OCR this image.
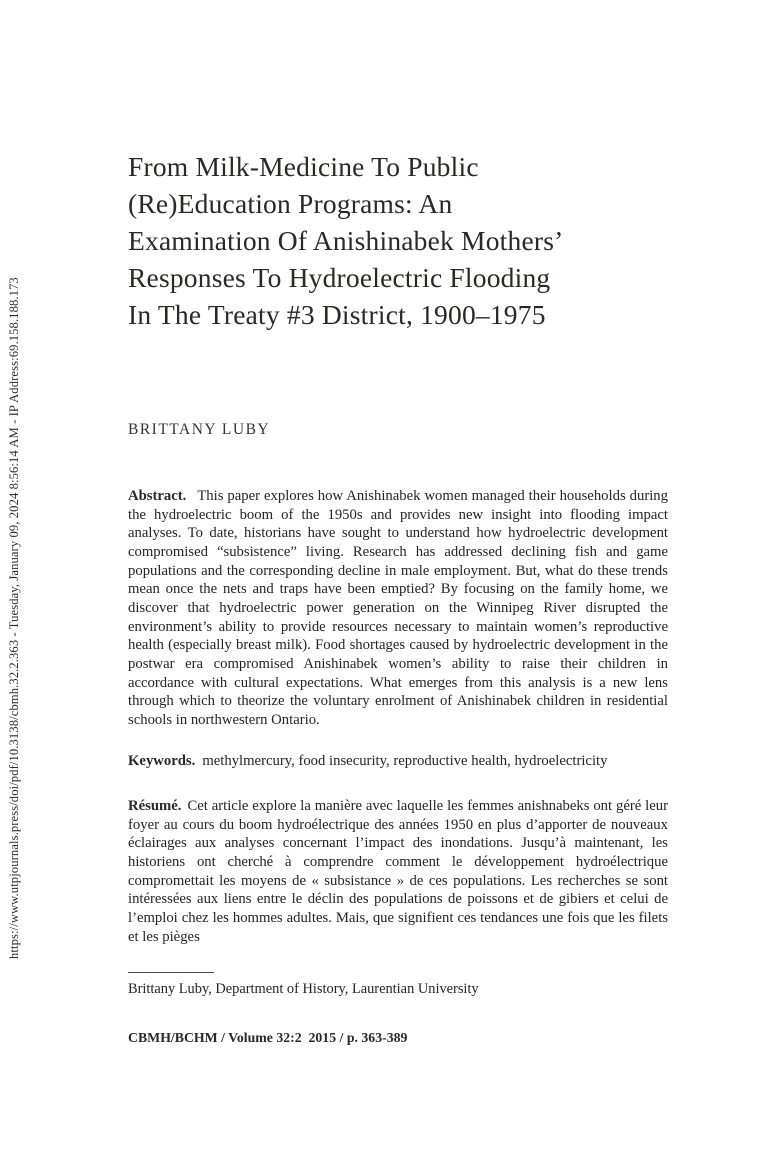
https://www.utpjournals.press/doi/pdf/10.3138/cbmh.32.2.363 - Tuesday, January 09, 2024 8:56:14 AM - IP Address:69.158.188.173
From Milk-Medicine To Public
(Re)Education Programs: An
Examination Of Anishinabek Mothers’
Responses To Hydroelectric Flooding
In The Treaty #3 District, 1900–1975
BRITTANY LUBY

Abstract. This paper explores how Anishinabek women managed their households during the hydroelectric boom of the 1950s and provides new insight into flooding impact analyses. To date, historians have sought to understand how hydroelectric development compromised “subsistence” living. Research has addressed declining fish and game populations and the corresponding decline in male employment. But, what do these trends mean once the nets and traps have been emptied? By focusing on the family home, we discover that hydroelectric power generation on the Winnipeg River disrupted the environment’s ability to provide resources necessary to maintain women’s reproductive health (especially breast milk). Food shortages caused by hydroelectric development in the postwar era compromised Anishinabek women’s ability to raise their children in accordance with cultural expectations. What emerges from this analysis is a new lens through which to theorize the voluntary enrolment of Anishinabek children in residential schools in northwestern Ontario.

Keywords. methylmercury, food insecurity, reproductive health, hydroelectricity

Résumé. Cet article explore la manière avec laquelle les femmes anishnabeks ont géré leur foyer au cours du boom hydroélectrique des années 1950 en plus d’apporter de nouveaux éclairages aux analyses concernant l’impact des inondations. Jusqu’à maintenant, les historiens ont cherché à comprendre comment le développement hydroélectrique compromettait les moyens de « subsistance » de ces populations. Les recherches se sont intéressées aux liens entre le déclin des populations de poissons et de gibiers et celui de l’emploi chez les hommes adultes. Mais, que signifient ces tendances une fois que les filets et les pièges

Brittany Luby, Department of History, Laurentian University
CBMH/BCHM / Volume 32:2  2015 / p. 363-389
